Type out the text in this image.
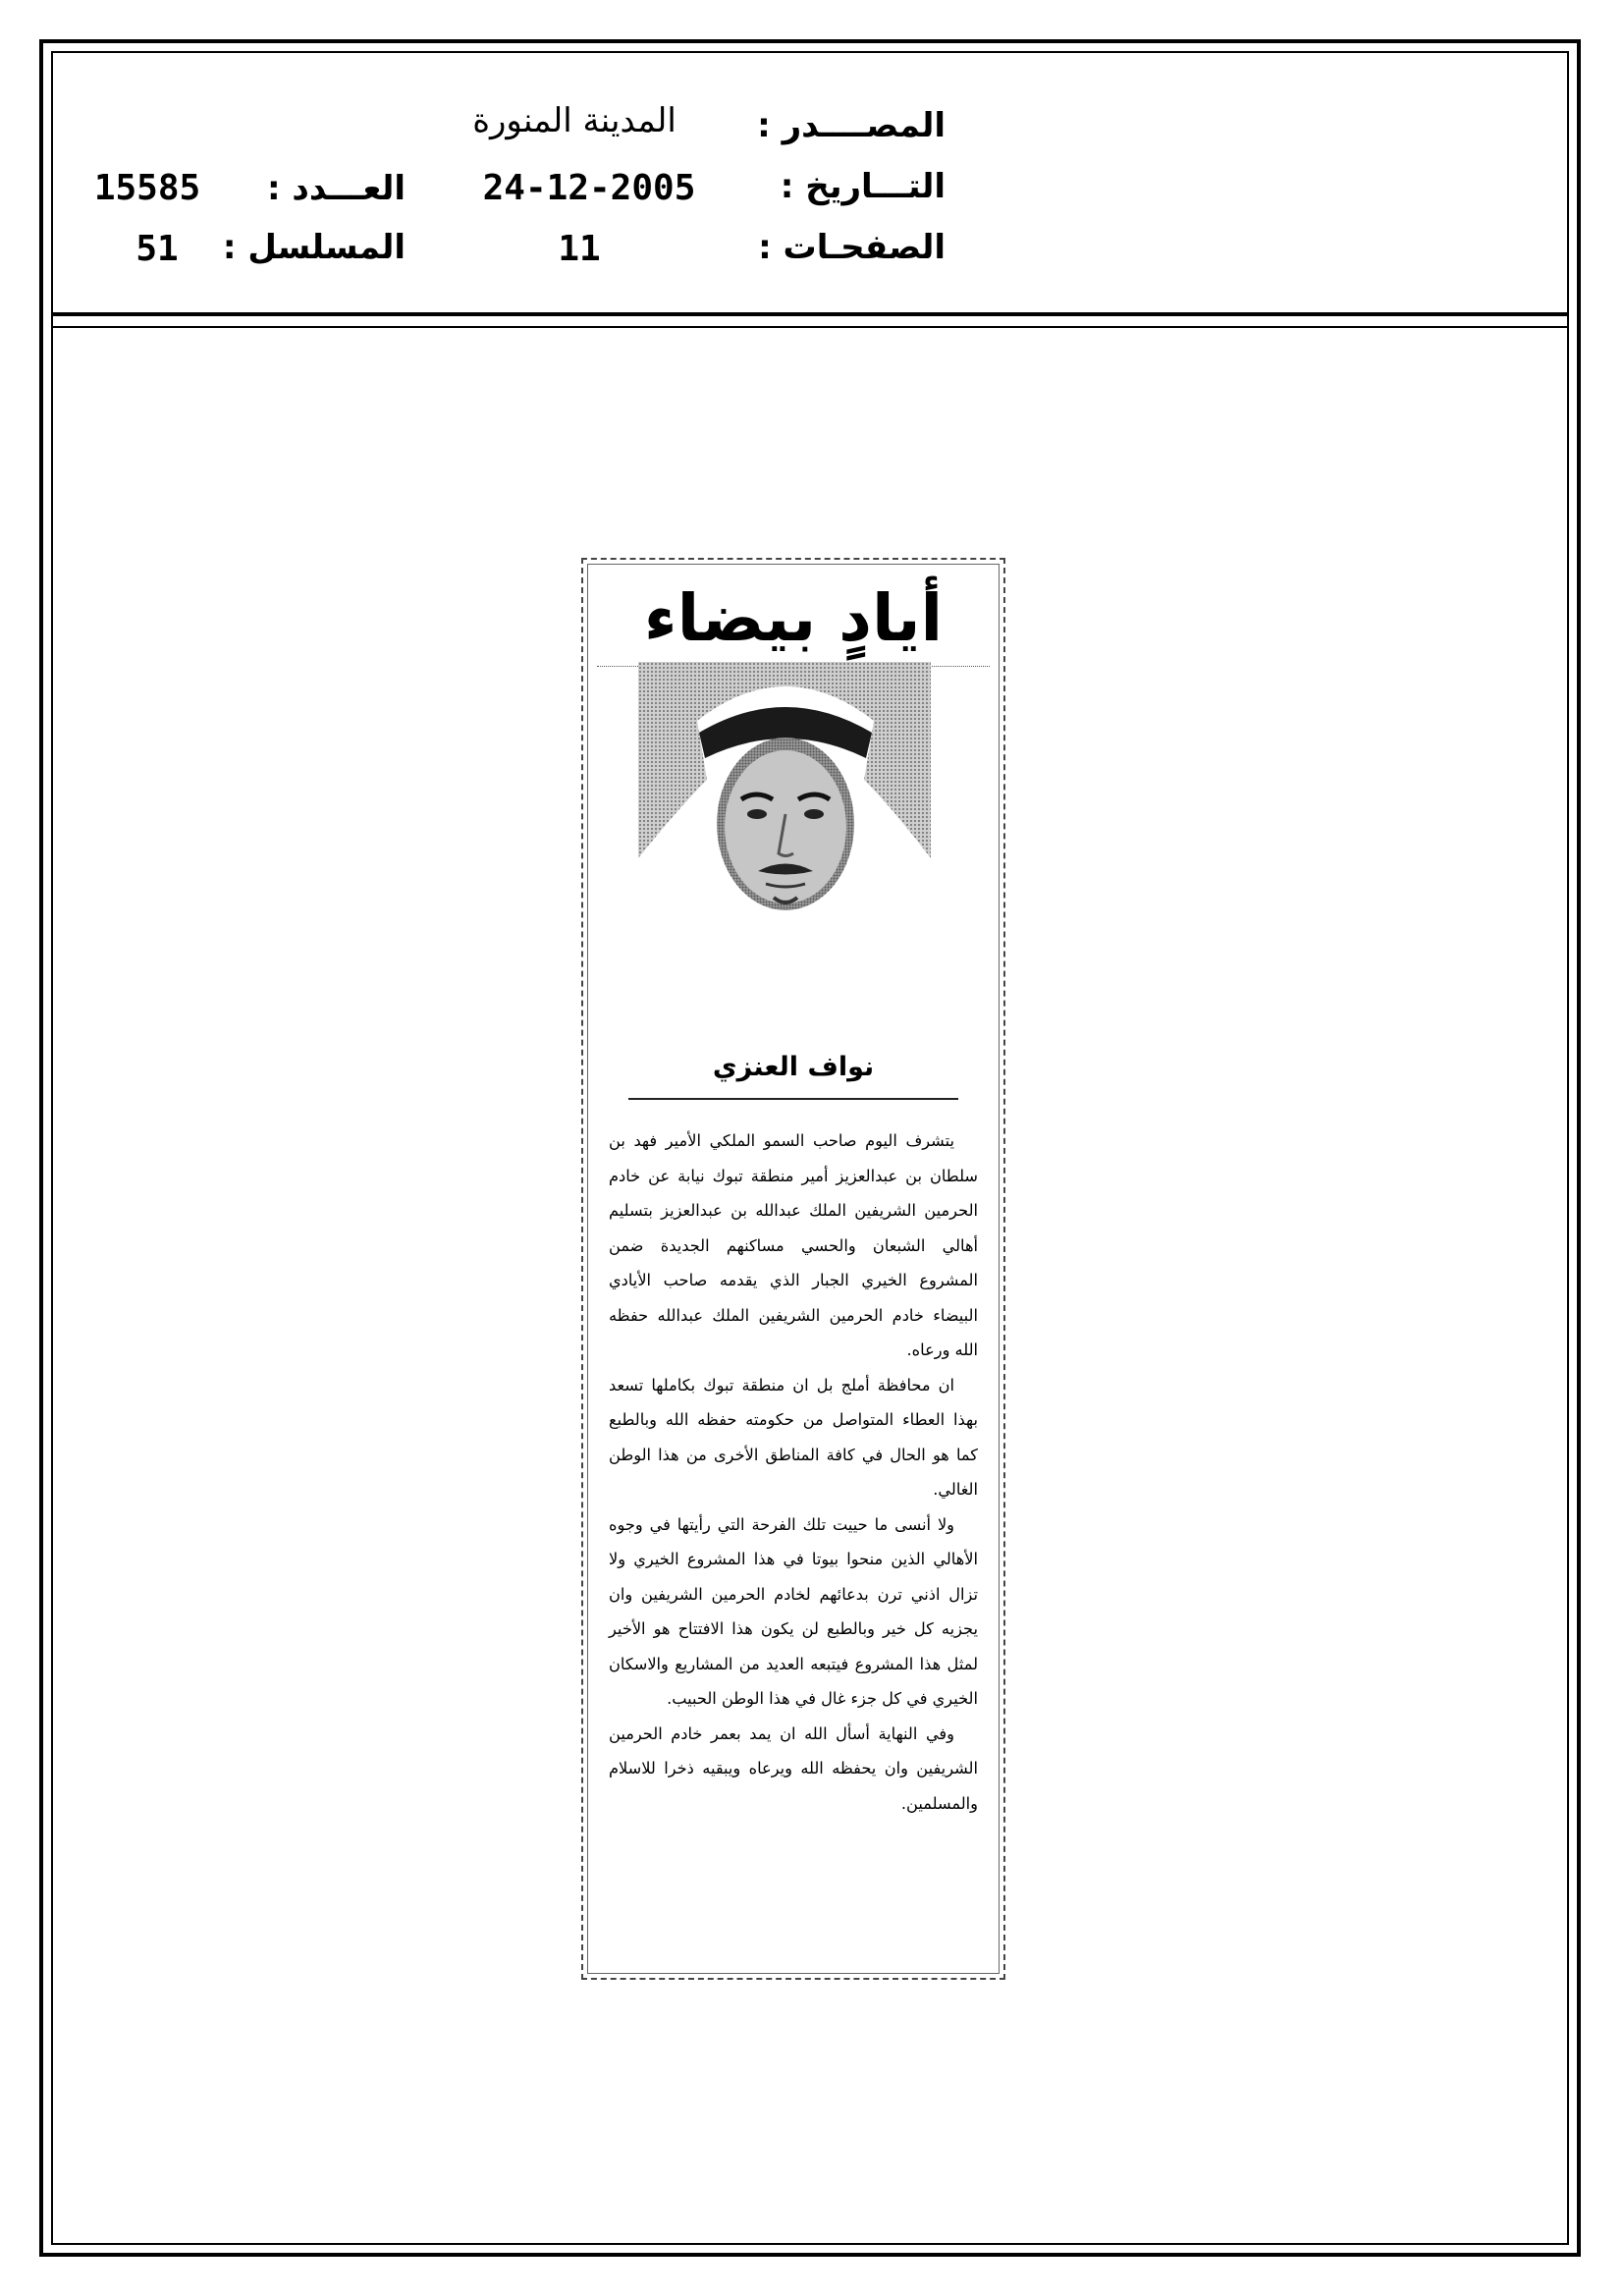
المصــــدر :
المدينة المنورة
التـــاريخ :
24-12-2005
العـــدد :
15585
الصفحـات :
11
المسلسل :
51
أيادٍ بيضاء
نواف العنزي

يتشرف اليوم صاحب السمو الملكي الأمير فهد بن سلطان بن عبدالعزيز أمير منطقة تبوك نيابة عن خادم الحرمين الشريفين الملك عبدالله بن عبدالعزيز بتسليم أهالي الشبعان والحسي مساكنهم الجديدة ضمن المشروع الخيري الجبار الذي يقدمه صاحب الأيادي البيضاء خادم الحرمين الشريفين الملك عبدالله حفظه الله ورعاه.

ان محافظة أملج بل ان منطقة تبوك بكاملها تسعد بهذا العطاء المتواصل من حكومته حفظه الله وبالطبع كما هو الحال في كافة المناطق الأخرى من هذا الوطن الغالي.

ولا أنسى ما حييت تلك الفرحة التي رأيتها في وجوه الأهالي الذين منحوا بيوتا في هذا المشروع الخيري ولا تزال اذني ترن بدعائهم لخادم الحرمين الشريفين وان يجزيه كل خير وبالطبع لن يكون هذا الافتتاح هو الأخير لمثل هذا المشروع فيتبعه العديد من المشاريع والاسكان الخيري في كل جزء غال في هذا الوطن الحبيب.

وفي النهاية أسأل الله ان يمد بعمر خادم الحرمين الشريفين وان يحفظه الله ويرعاه ويبقيه ذخرا للاسلام والمسلمين.
